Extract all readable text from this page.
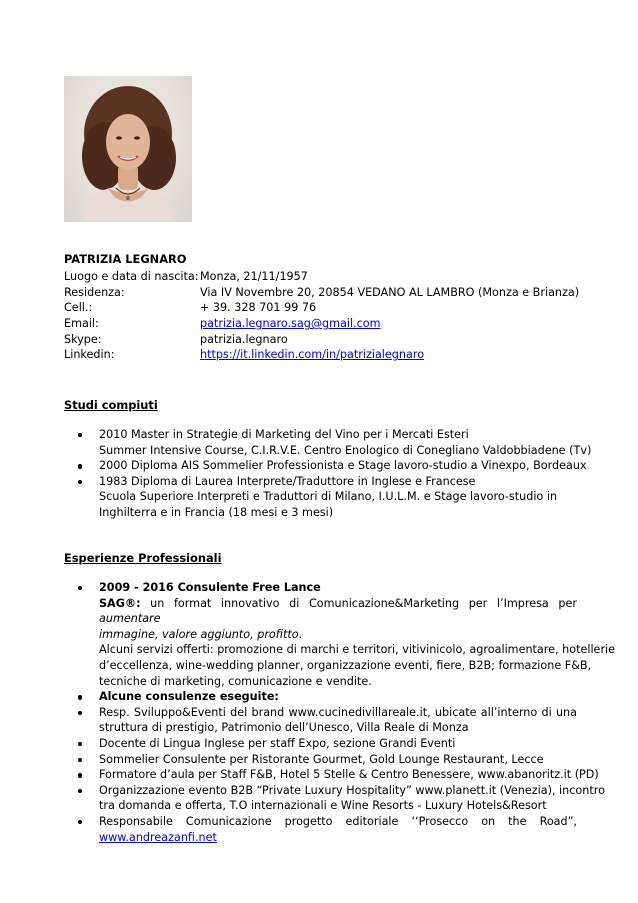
PATRIZIA LEGNARO
Luogo e data di nascita: Monza, 21/11/1957
Residenza:	Via IV Novembre 20, 20854 VEDANO AL LAMBRO (Monza e Brianza)
Cell.:	+ 39. 328 701 99 76
Email:	patrizia.legnaro.sag@gmail.com
Skype:	patrizia.legnaro
Linkedin:	https://it.linkedin.com/in/patrizialegnaro
Studi compiuti
2010 Master in Strategie di Marketing del Vino per i Mercati Esteri
Summer Intensive Course, C.I.R.V.E. Centro Enologico di Conegliano Valdobbiadene (Tv)
2000 Diploma AIS Sommelier Professionista e Stage lavoro-studio a Vinexpo, Bordeaux
1983 Diploma di Laurea Interprete/Traduttore in Inglese e Francese
Scuola Superiore Interpreti e Traduttori di Milano, I.U.L.M. e Stage lavoro-studio in
Inghilterra e in Francia (18 mesi e 3 mesi)
Esperienze Professionali
2009 - 2016 Consulente Free Lance
SAG®: un format innovativo di Comunicazione&Marketing per l’Impresa per aumentare
immagine, valore aggiunto, profitto.
Alcuni servizi offerti: promozione di marchi e territori, vitivinicolo, agroalimentare, hotellerie
d’eccellenza, wine-wedding planner, organizzazione eventi, fiere, B2B; formazione F&B,
tecniche di marketing, comunicazione e vendite.
Alcune consulenze eseguite:
Resp. Sviluppo&Eventi del brand www.cucinedivillareale.it, ubicate all’interno di una
struttura di prestigio, Patrimonio dell’Unesco, Villa Reale di Monza
Docente di Lingua Inglese per staff Expo, sezione Grandi Eventi
Sommelier Consulente per Ristorante Gourmet, Gold Lounge Restaurant, Lecce
Formatore d’aula per Staff F&B, Hotel 5 Stelle & Centro Benessere, www.abanoritz.it (PD)
Organizzazione evento B2B “Private Luxury Hospitality” www.planett.it (Venezia), incontro
tra domanda e offerta, T.O internazionali e Wine Resorts - Luxury Hotels&Resort
Responsabile Comunicazione progetto editoriale ‘‘Prosecco on the Road”,
www.andreazanfi.net
